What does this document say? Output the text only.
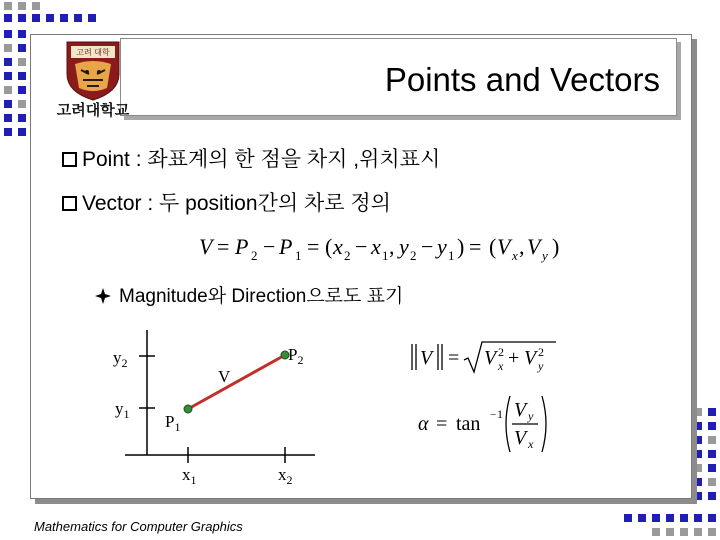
Points and Vectors
고려 대학
고려대학교
Point : 좌표계의 한 점을 차지 ,위치표시
Vector : 두 position간의 차로 정의
V = P 2 − P 1 = ( x 2 − x 1 , y 2 − y 1 ) = ( V x , V y )
Magnitude와 Direction으로도 표기
$y_2$
$y_1$
V
$P_2$
$P_1$
$x_1$	$x_2$
V = V 2
x + V 2
y
α = tan − 1 V y
V x
Mathematics for Computer Graphics
